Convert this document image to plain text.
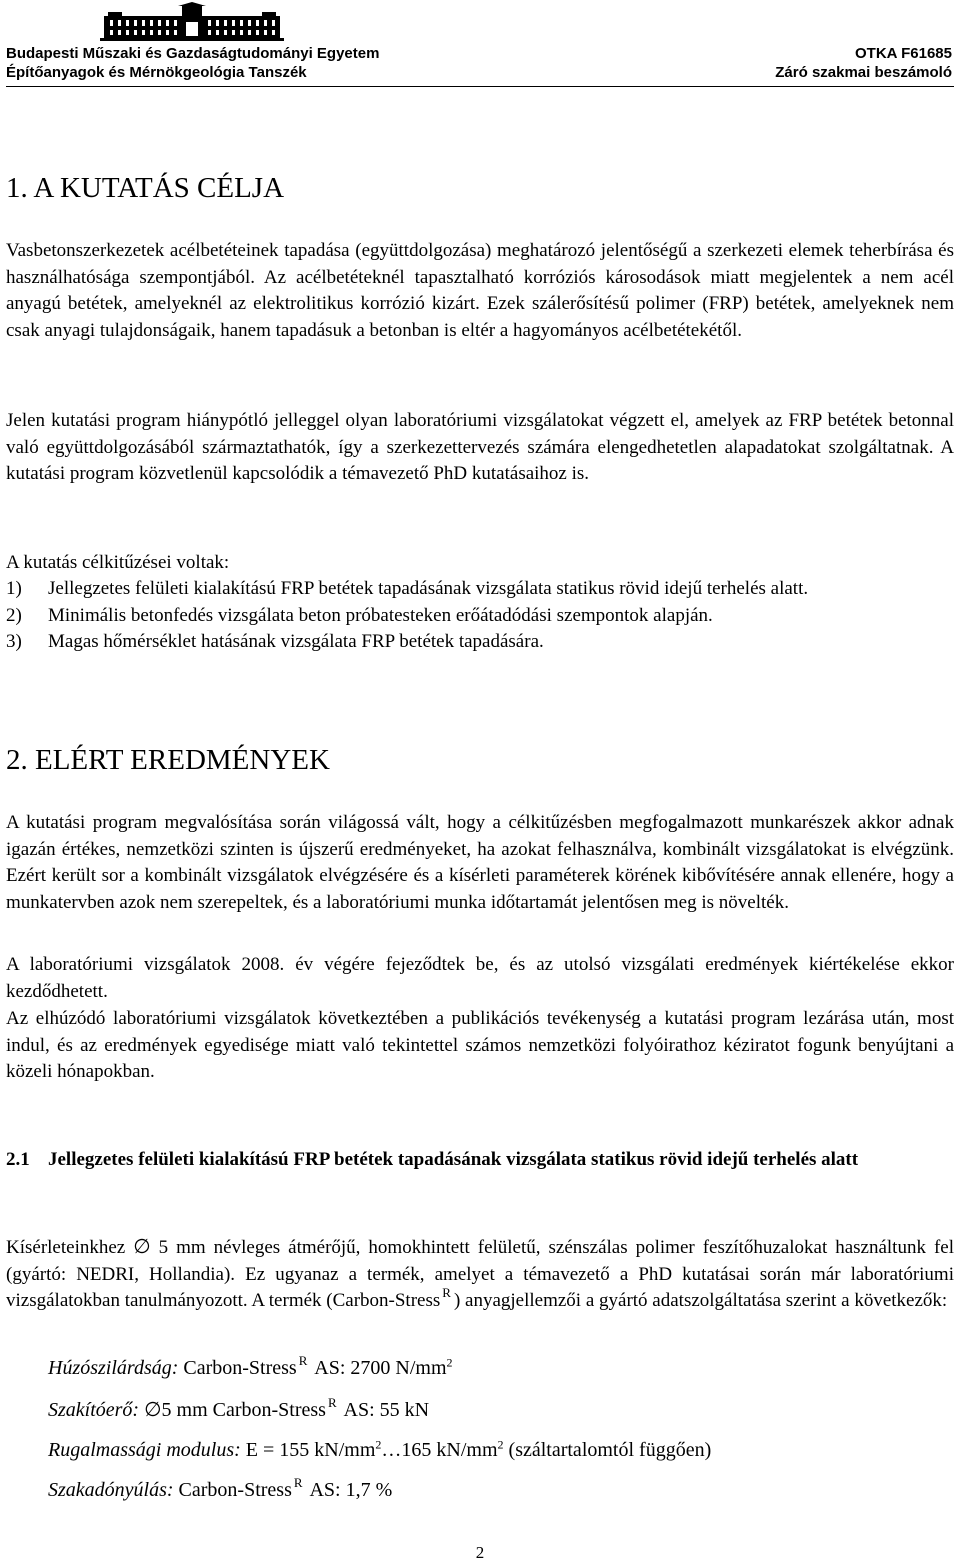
Budapesti Műszaki és Gazdaságtudományi Egyetem
Építőanyagok és Mérnökgeológia Tanszék
OTKA F61685
Záró szakmai beszámoló
1. A KUTATÁS CÉLJA

Vasbetonszerkezetek acélbetéteinek tapadása (együttdolgozása) meghatározó jelentőségű a szerkezeti elemek teherbírása és használhatósága szempontjából. Az acélbetéteknél tapasztalható korróziós károsodások miatt megjelentek a nem acél anyagú betétek, amelyeknél az elektrolitikus korrózió kizárt. Ezek szálerősítésű polimer (FRP) betétek, amelyeknek nem csak anyagi tulajdonságaik, hanem tapadásuk a betonban is eltér a hagyományos acélbetétekétől.

Jelen kutatási program hiánypótló jelleggel olyan laboratóriumi vizsgálatokat végzett el, amelyek az FRP betétek betonnal való együttdolgozásából származtathatók, így a szerkezettervezés számára elengedhetetlen alapadatokat szolgáltatnak. A kutatási program közvetlenül kapcsolódik a témavezető PhD kutatásaihoz is.

A kutatás célkitűzései voltak:

1) Jellegzetes felületi kialakítású FRP betétek tapadásának vizsgálata statikus rövid idejű terhelés alatt.
2) Minimális betonfedés vizsgálata beton próbatesteken erőátadódási szempontok alapján.
3) Magas hőmérséklet hatásának vizsgálata FRP betétek tapadására.
2. ELÉRT EREDMÉNYEK

A kutatási program megvalósítása során világossá vált, hogy a célkitűzésben megfogalmazott munkarészek akkor adnak igazán értékes, nemzetközi szinten is újszerű eredményeket, ha azokat felhasználva, kombinált vizsgálatokat is elvégzünk. Ezért került sor a kombinált vizsgálatok elvégzésére és a kísérleti paraméterek körének kibővítésére annak ellenére, hogy a munkatervben azok nem szerepeltek, és a laboratóriumi munka időtartamát jelentősen meg is növelték.

A laboratóriumi vizsgálatok 2008. év végére fejeződtek be, és az utolsó vizsgálati eredmények kiértékelése ekkor kezdődhetett.

Az elhúzódó laboratóriumi vizsgálatok következtében a publikációs tevékenység a kutatási program lezárása után, most indul, és az eredmények egyedisége miatt való tekintettel számos nemzetközi folyóirathoz kéziratot fogunk benyújtani a közeli hónapokban.

2.1 Jellegzetes felületi kialakítású FRP betétek tapadásának vizsgálata statikus rövid idejű terhelés alatt

Kísérleteinkhez ∅ 5 mm névleges átmérőjű, homokhintett felületű, szénszálas polimer feszítőhuzalokat használtunk fel (gyártó: NEDRI, Hollandia). Ez ugyanaz a termék, amelyet a témavezető a PhD kutatásai során már laboratóriumi vizsgálatokban tanulmányozott. A termék (Carbon-Stress $^R$ ) anyagjellemzői a gyártó adatszolgáltatása szerint a következők:

Húzószilárdság: Carbon-Stress $^R$ AS: 2700 $N/mm^2$
Szakítóerő: ∅5 mm Carbon-Stress $^R$ AS: 55 kN
Rugalmassági modulus: E = 155 $kN/mm^2\dots 165$ $kN/mm^2$ (száltartalomtól függően)
Szakadónyúlás: Carbon-Stress $^R$ AS: 1,7 %
2
